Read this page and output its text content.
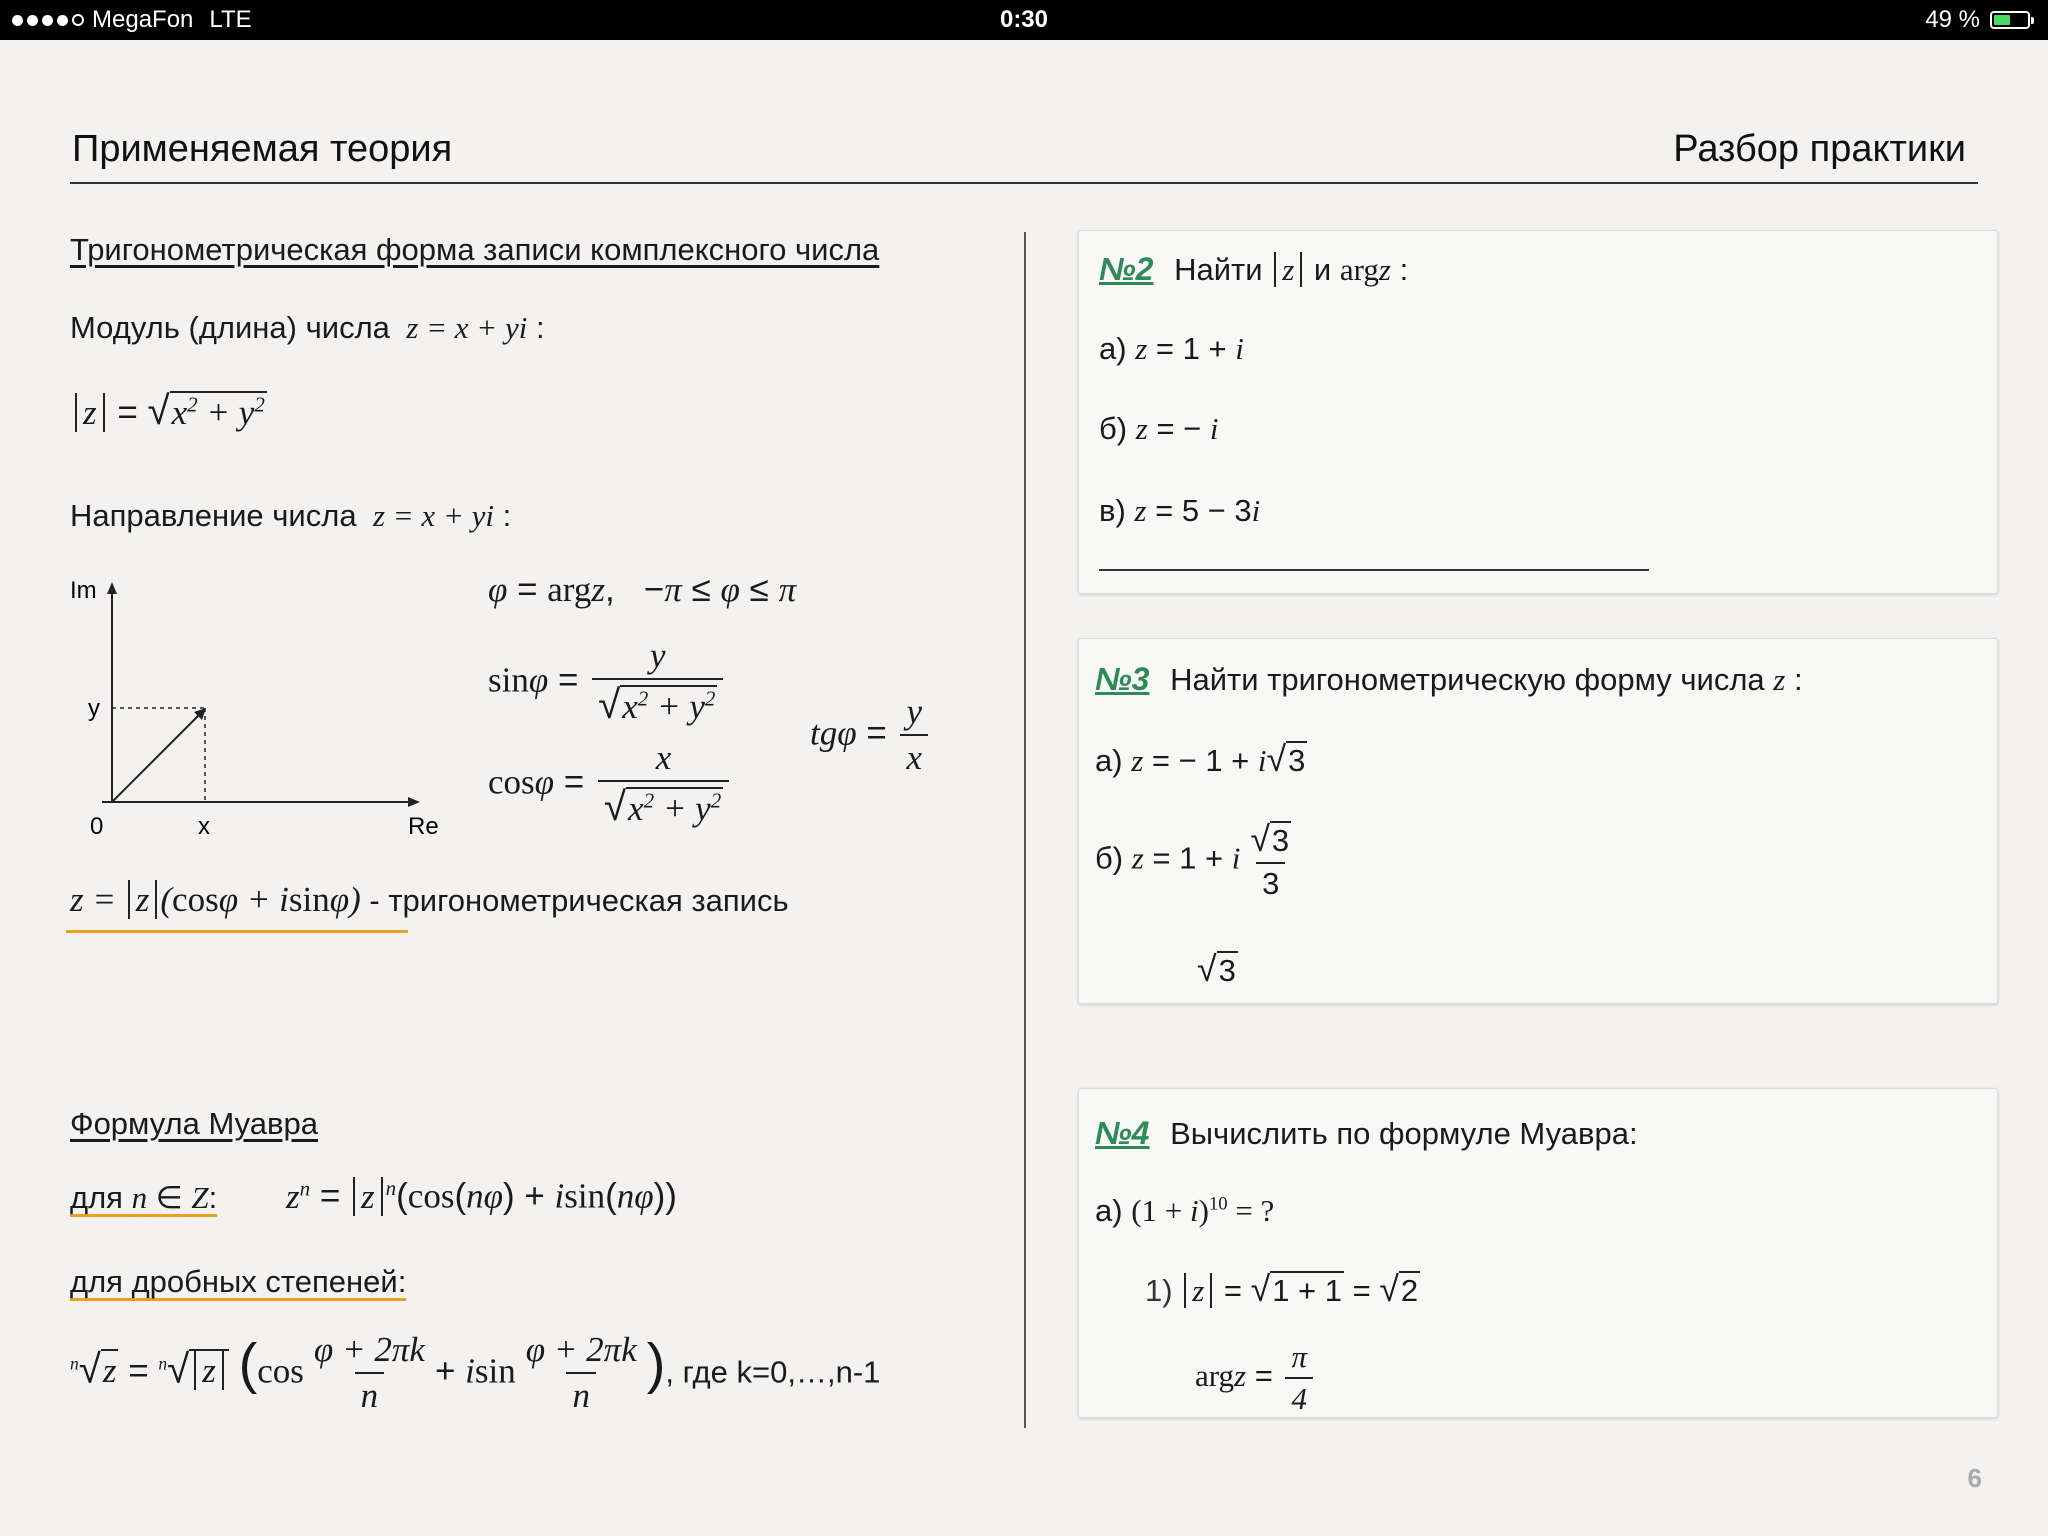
MegaFon LTE	0:30	49 %
Применяемая теория	Разбор практики
Тригонометрическая форма записи комплексного числа
Модуль (длина) числа  z = x + yi :
$z = √x^2 + y^2$
Направление числа  z = x + yi :
Im
y
0	x	Re
φ = argz,   −π ≤ φ ≤ π
$\sin\varphi = \frac{y}{√x^2 + y^2}$
$\cos\varphi = \frac{x}{√x^2 + y^2}$
$tg\varphi = \frac{y}{x}$
z = z (cosφ + isinφ) - тригонометрическая запись
Формула Муавра
для n ∈ Z: $z^n = z$ $^n$(cos(nφ) + isin(nφ))
для дробных степеней:
$^n$√z = $^n$√ z ($\cos \frac{\varphi + 2\pi k}{n} + isin \frac{\varphi + 2\pi k}{n}$ ), где k=0,…,n-1
№2 Найти z и argz :
а) z = 1 + i
б) z = − i
в) z = 5 − 3i
№3 Найти тригонометрическую форму числа z :
а) z = − 1 + i√3
б) z = 1 + i $\frac{√3}{3}$
√3
№4 Вычислить по формуле Муавра:
а) $(1 + i)^{10}$ = ?
1) z = √1 + 1 = √2
argz = $\frac{\pi}{4}$
6
